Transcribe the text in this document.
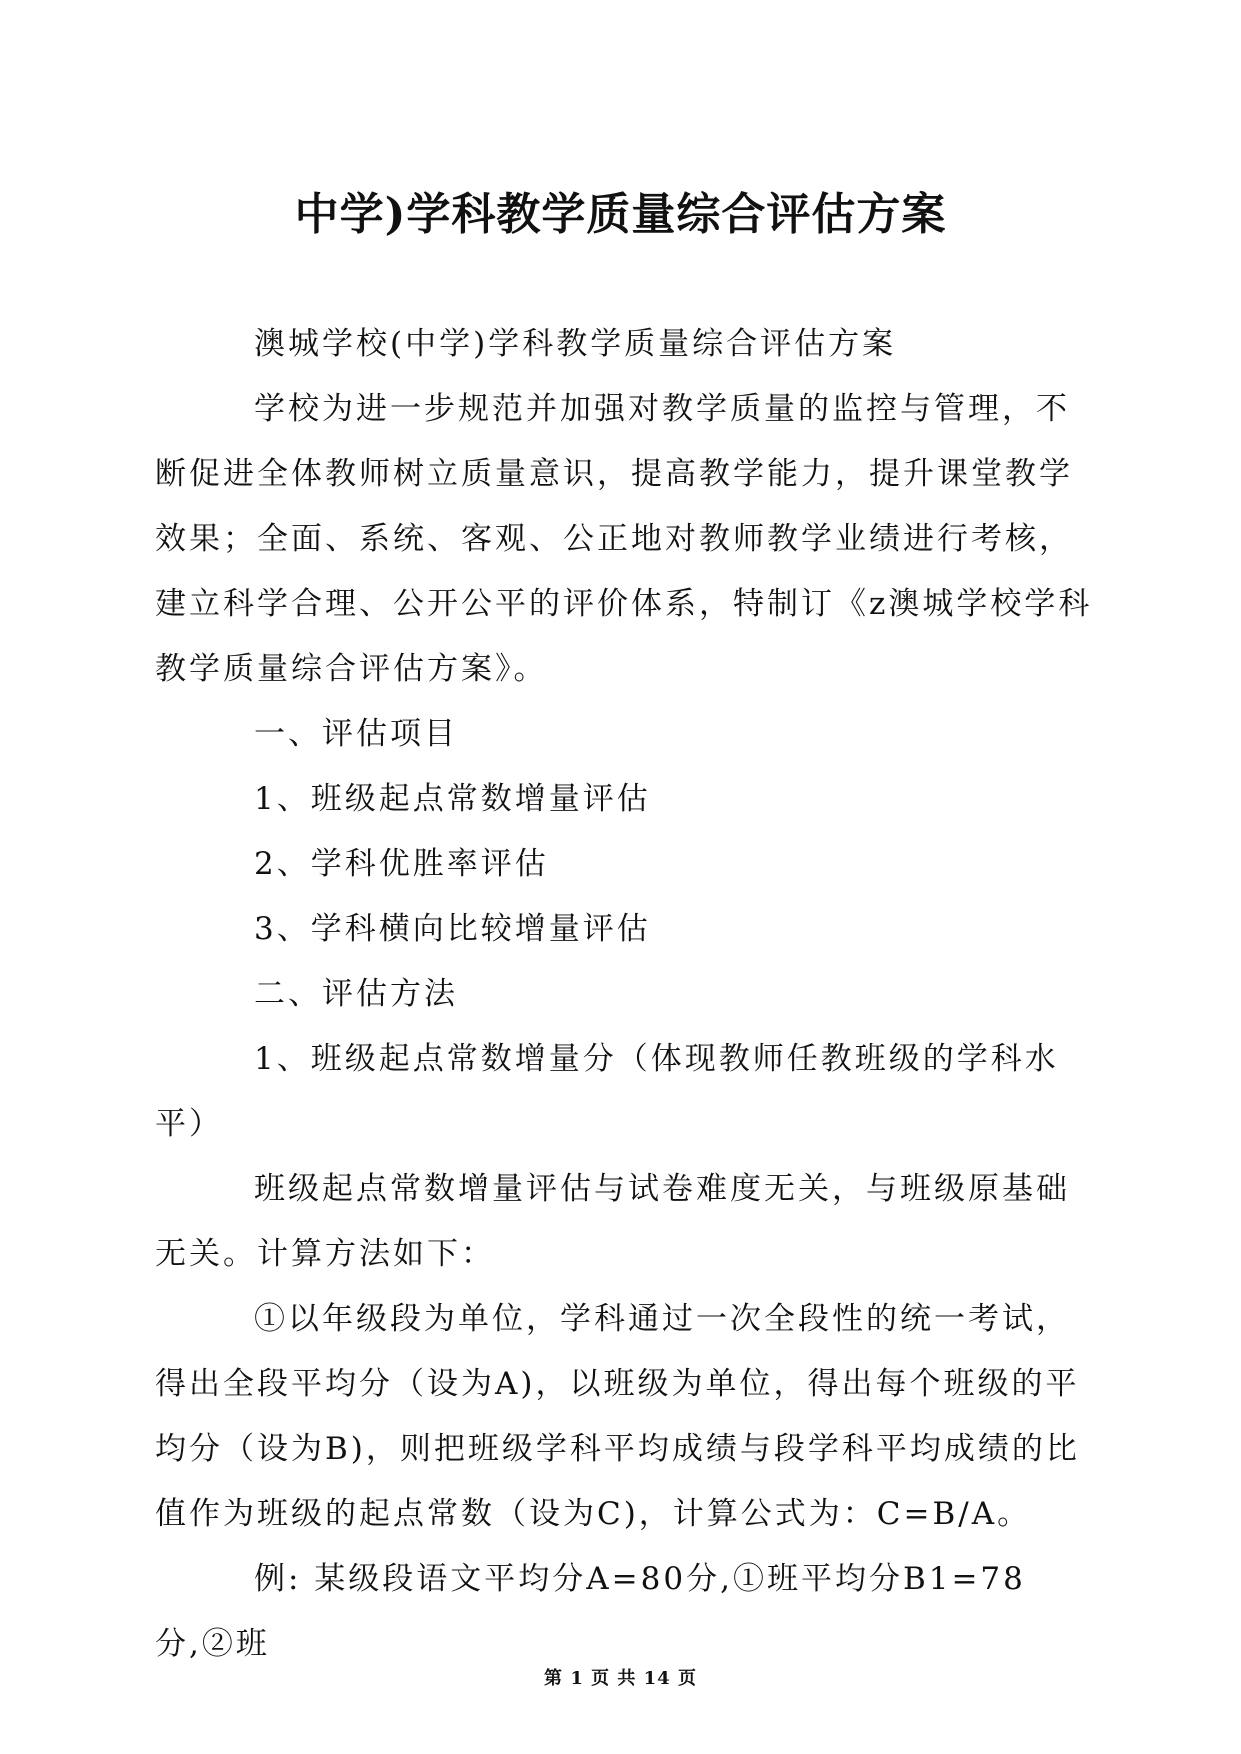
中学)学科教学质量综合评估方案

澳城学校(中学)学科教学质量综合评估方案

学校为进一步规范并加强对教学质量的监控与管理，不断促进全体教师树立质量意识，提高教学能力，提升课堂教学效果；全面、系统、客观、公正地对教师教学业绩进行考核，建立科学合理、公开公平的评价体系，特制订《z澳城学校学科教学质量综合评估方案》。

一、评估项目

1、班级起点常数增量评估

2、学科优胜率评估

3、学科横向比较增量评估

二、评估方法

1、班级起点常数增量分（体现教师任教班级的学科水平）

班级起点常数增量评估与试卷难度无关，与班级原基础无关。计算方法如下：

①以年级段为单位，学科通过一次全段性的统一考试，得出全段平均分（设为A)，以班级为单位，得出每个班级的平均分（设为B)，则把班级学科平均成绩与段学科平均成绩的比值作为班级的起点常数（设为C)，计算公式为：C=B/A。

例: 某级段语文平均分A=80分,①班平均分B1=78分,②班

第 1 页 共 14 页
